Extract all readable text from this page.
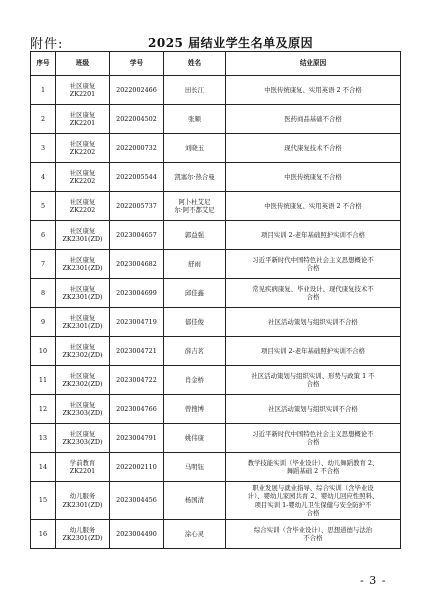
附件:	2025 届结业学生名单及原因
序号	班级	学号	姓名	结业原因
1	社区康复
ZK2201	2022002466	田长江	中医传统康复、实用英语 2 不合格
2	社区康复
ZK2201	2022004502	张顺	医药商品基础不合格
3	社区康复
ZK2202	2022000732	刘晓玉	现代康复技术不合格
4	社区康复
ZK2202	2022005544	凯塞尔·热合曼	中医传统康复不合格
5	社区康复
ZK2202	2022005737	阿卜杜艾尼
尔·阿不都艾尼	中医传统康复、实用英语 2 不合格
6	社区康复
ZK2301(ZD)	2023004657	郭益强	项目实训 2-老年基础照护实训不合格
7	社区康复
ZK2301(ZD)	2023004682	舒雨	习近平新时代中国特色社会主义思想概论不
合格
8	社区康复
ZK2301(ZD)	2023004699	邱佳鑫	常见疾病康复、毕业设计、现代康复技术不
合格
9	社区康复
ZK2301(ZD)	2023004719	郁佳俊	社区活动策划与组织实训不合格
10	社区康复
ZK2302(ZD)	2023004721	薛吉茗	项目实训 2-老年基础照护实训不合格
11	社区康复
ZK2302(ZD)	2023004722	肖金桥	社区活动策划与组织实训、形势与政策 1 不
合格
12	社区康复
ZK2303(ZD)	2023004766	曾搜博	社区活动策划与组织实训不合格
13	社区康复
ZK2303(ZD)	2023004791	姚伟康	习近平新时代中国特色社会主义思想概论不
合格
14	学前教育
ZK2201	2022002110	马明钰	教学技能实训（毕业设计）、幼儿舞蹈教育 2、
舞蹈基础 2 不合格
15	幼儿服务
ZK2301(ZD)	2023004456	杨国清	职业发展与就业指导、综合实训（含毕业设
计）、婴幼儿家园共育 2、婴幼儿回应性照料、
项目实训 1-婴幼儿卫生保健与安全防护不
合格
16	幼儿服务
ZK2301(ZD)	2023004490	涂心灵	综合实训（含毕业设计）、思想道德与法治
不合格
- 3 -
